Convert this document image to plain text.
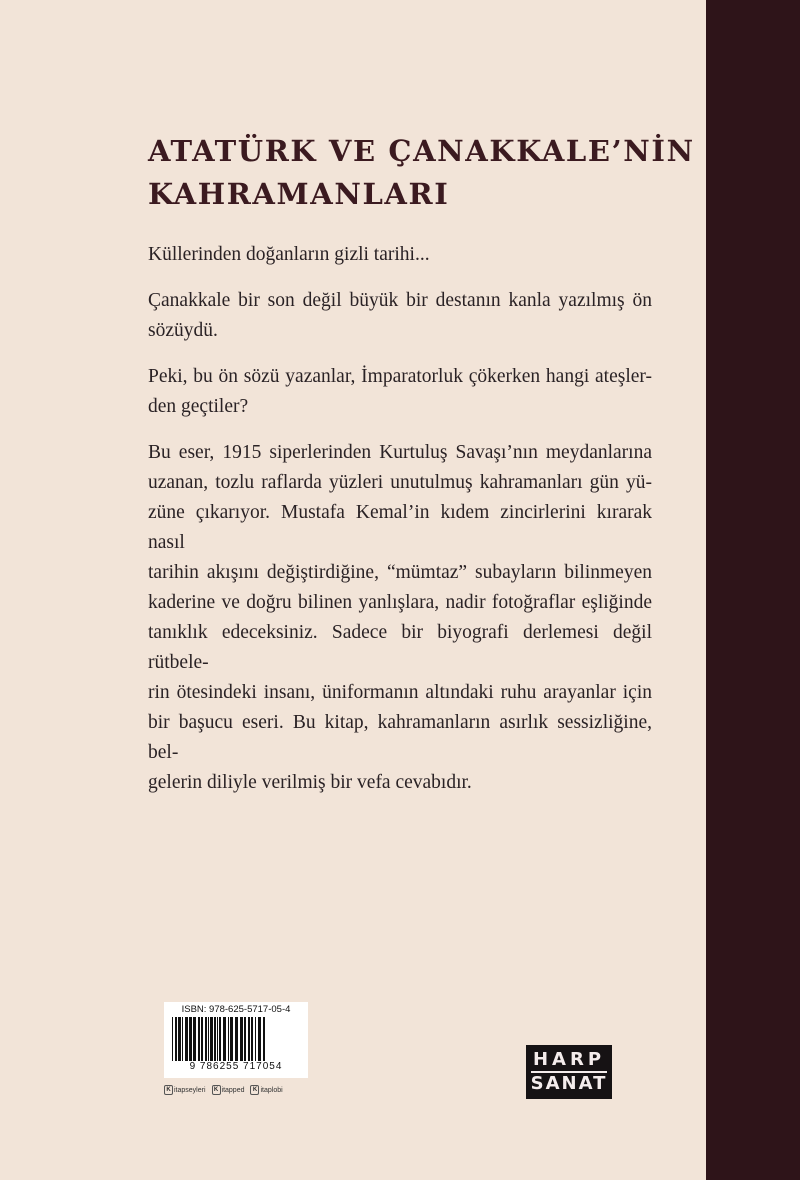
ATATÜRK VE ÇANAKKALE’NİN
KAHRAMANLARI

Küllerinden doğanların gizli tarihi...

Çanakkale bir son değil büyük bir destanın kanla yazılmış ön
sözüydü.

Peki, bu ön sözü yazanlar, İmparatorluk çökerken hangi ateşler-
den geçtiler?

Bu eser, 1915 siperlerinden Kurtuluş Savaşı’nın meydanlarına
uzanan, tozlu raflarda yüzleri unutulmuş kahramanları gün yü-
züne çıkarıyor. Mustafa Kemal’in kıdem zincirlerini kırarak nasıl
tarihin akışını değiştirdiğine, “mümtaz” subayların bilinmeyen
kaderine ve doğru bilinen yanlışlara, nadir fotoğraflar eşliğinde
tanıklık edeceksiniz. Sadece bir biyografi derlemesi değil rütbele-
rin ötesindeki insanı, üniformanın altındaki ruhu arayanlar için
bir başucu eseri. Bu kitap, kahramanların asırlık sessizliğine, bel-
gelerin diliyle verilmiş bir vefa cevabıdır.

ISBN: 978-625-5717-05-4
9 786255 717054
K itapseyleri	K itapped	K itaplobi
HARP
SANAT
